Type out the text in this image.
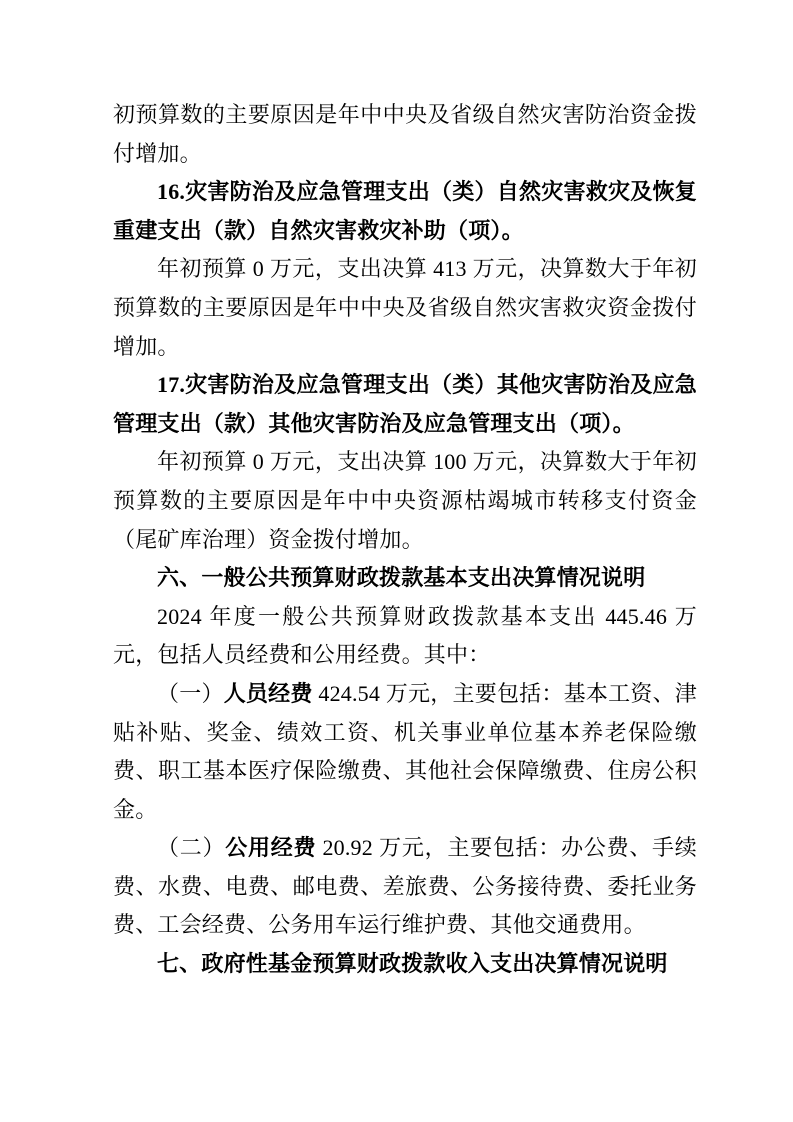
初预算数的主要原因是年中中央及省级自然灾害防治资金拨付增加。

16.灾害防治及应急管理支出（类）自然灾害救灾及恢复重建支出（款）自然灾害救灾补助（项）。

年初预算 0 万元，支出决算 413 万元，决算数大于年初预算数的主要原因是年中中央及省级自然灾害救灾资金拨付增加。

17.灾害防治及应急管理支出（类）其他灾害防治及应急管理支出（款）其他灾害防治及应急管理支出（项）。

年初预算 0 万元，支出决算 100 万元，决算数大于年初预算数的主要原因是年中中央资源枯竭城市转移支付资金（尾矿库治理）资金拨付增加。

六、一般公共预算财政拨款基本支出决算情况说明

2024 年度一般公共预算财政拨款基本支出 445.46 万元，包括人员经费和公用经费。其中：

（一）人员经费 424.54 万元，主要包括：基本工资、津贴补贴、奖金、绩效工资、机关事业单位基本养老保险缴费、职工基本医疗保险缴费、其他社会保障缴费、住房公积金。

（二）公用经费 20.92 万元，主要包括：办公费、手续费、水费、电费、邮电费、差旅费、公务接待费、委托业务费、工会经费、公务用车运行维护费、其他交通费用。

七、政府性基金预算财政拨款收入支出决算情况说明
